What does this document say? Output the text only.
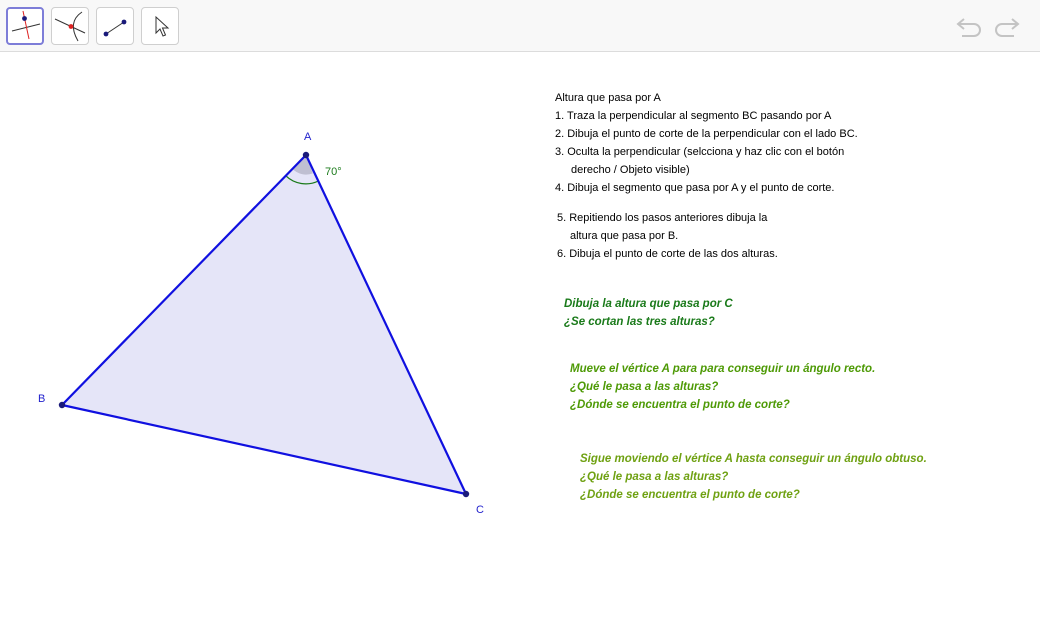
A
B
C
70°
Altura que pasa por A
1. Traza la perpendicular al segmento BC pasando por A
2. Dibuja el punto de corte de la perpendicular con el lado BC.
3. Oculta la perpendicular (selcciona y haz clic con el botón
derecho / Objeto visible)
4. Dibuja el segmento que pasa por A y el punto de corte.
5. Repitiendo los pasos anteriores dibuja la
altura que pasa por B.
6. Dibuja el punto de corte de las dos alturas.
Dibuja la altura que pasa por C
¿Se cortan las tres alturas?
Mueve el vértice A para para conseguir un ángulo recto.
¿Qué le pasa a las alturas?
¿Dónde se encuentra el punto de corte?
Sigue moviendo el vértice A hasta conseguir un ángulo obtuso.
¿Qué le pasa a las alturas?
¿Dónde se encuentra el punto de corte?
